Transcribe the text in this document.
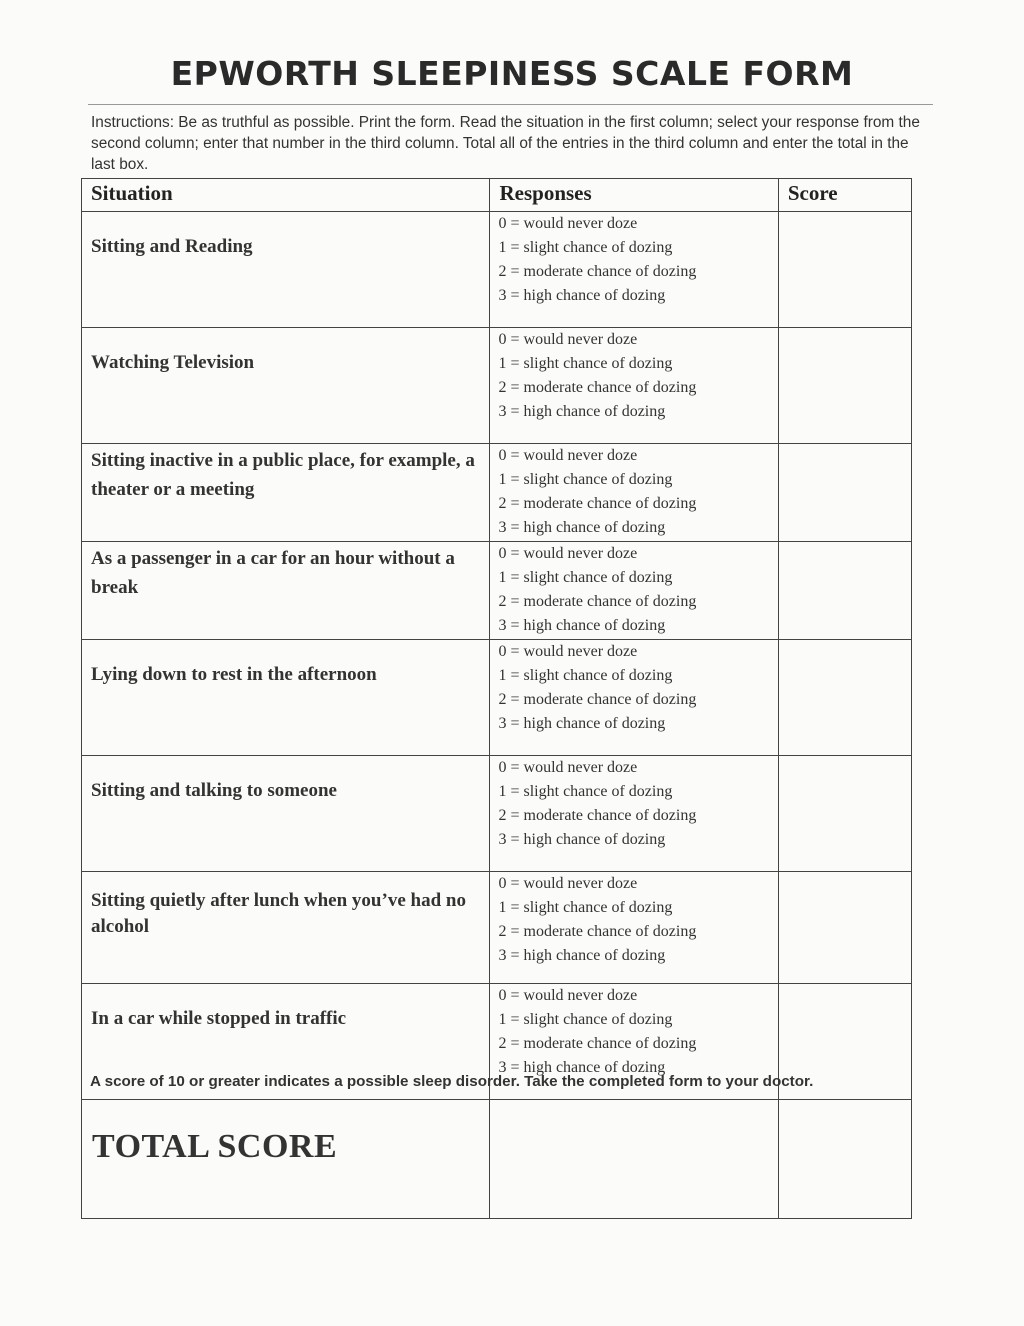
EPWORTH SLEEPINESS SCALE FORM
Instructions: Be as truthful as possible. Print the form. Read the situation in the first column; select your response from the second column; enter that number in the third column. Total all of the entries in the third column and enter the total in the last box.
Situation	Responses	Score
Sitting and Reading	0 = would never doze
1 = slight chance of dozing
2 = moderate chance of dozing
3 = high chance of dozing	

Watching Television	0 = would never doze
1 = slight chance of dozing
2 = moderate chance of dozing
3 = high chance of dozing	

Sitting inactive in a public place, for example, a theater or a meeting	0 = would never doze
1 = slight chance of dozing
2 = moderate chance of dozing
3 = high chance of dozing	

As a passenger in a car for an hour without a break	0 = would never doze
1 = slight chance of dozing
2 = moderate chance of dozing
3 = high chance of dozing	

Lying down to rest in the afternoon	0 = would never doze
1 = slight chance of dozing
2 = moderate chance of dozing
3 = high chance of dozing	

Sitting and talking to someone	0 = would never doze
1 = slight chance of dozing
2 = moderate chance of dozing
3 = high chance of dozing	

Sitting quietly after lunch when you’ve had no alcohol	0 = would never doze
1 = slight chance of dozing
2 = moderate chance of dozing
3 = high chance of dozing	

In a car while stopped in traffic	0 = would never doze
1 = slight chance of dozing
2 = moderate chance of dozing
3 = high chance of dozing	

TOTAL SCORE		
A score of 10 or greater indicates a possible sleep disorder. Take the completed form to your doctor.
